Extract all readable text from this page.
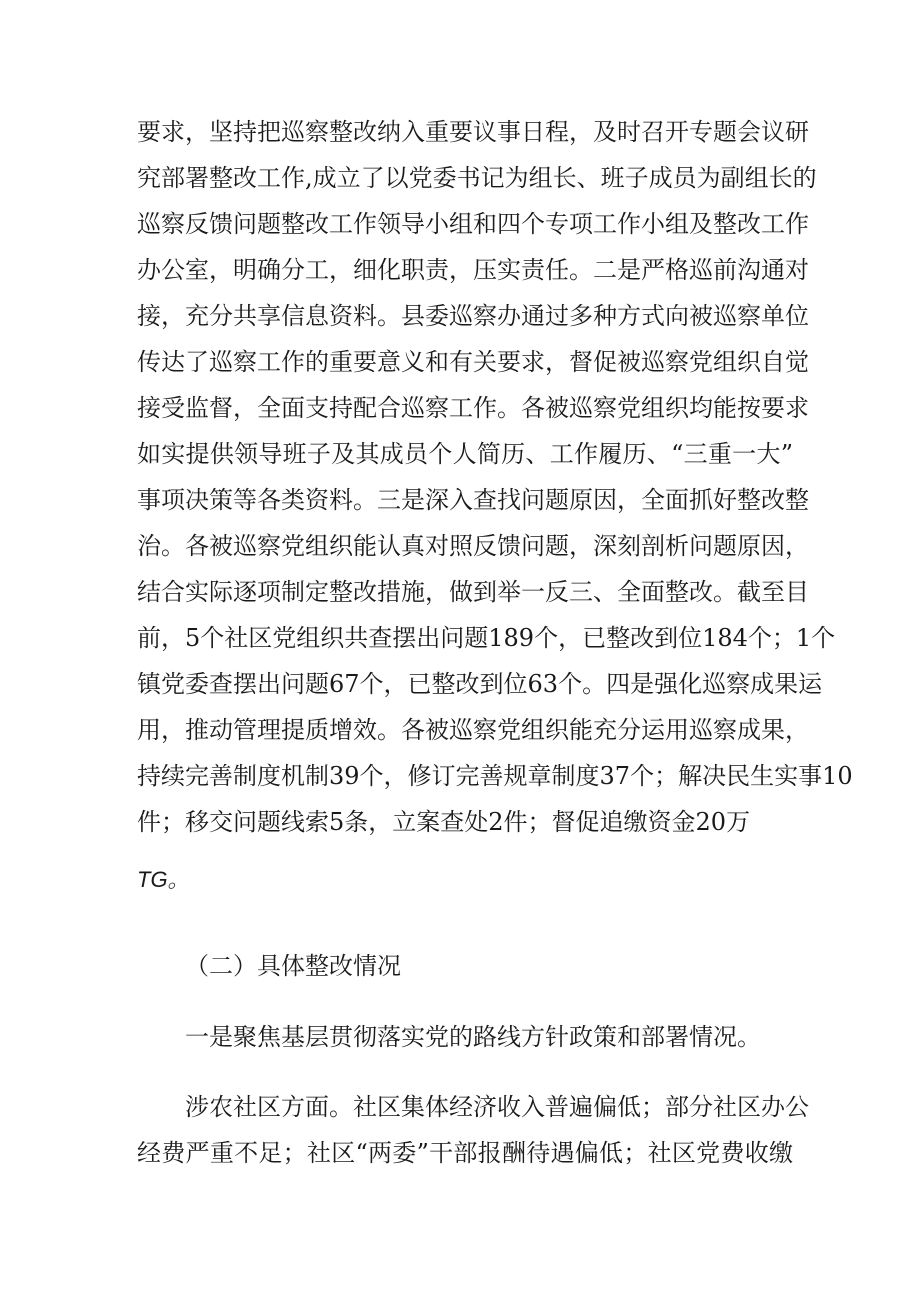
要求，坚持把巡察整改纳入重要议事日程，及时召开专题会议研
究部署整改工作,成立了以党委书记为组长、班子成员为副组长的
巡察反馈问题整改工作领导小组和四个专项工作小组及整改工作
办公室，明确分工，细化职责，压实责任。二是严格巡前沟通对
接，充分共享信息资料。县委巡察办通过多种方式向被巡察单位
传达了巡察工作的重要意义和有关要求，督促被巡察党组织自觉
接受监督，全面支持配合巡察工作。各被巡察党组织均能按要求
如实提供领导班子及其成员个人简历、工作履历、“三重一大”
事项决策等各类资料。三是深入查找问题原因，全面抓好整改整
治。各被巡察党组织能认真对照反馈问题，深刻剖析问题原因，
结合实际逐项制定整改措施，做到举一反三、全面整改。截至目
前，5个社区党组织共查摆出问题189个，已整改到位184个；1个
镇党委查摆出问题67个，已整改到位63个。四是强化巡察成果运
用，推动管理提质增效。各被巡察党组织能充分运用巡察成果，
持续完善制度机制39个，修订完善规章制度37个；解决民生实事10
件；移交问题线索5条，立案查处2件；督促追缴资金20万
TG。
（二）具体整改情况
一是聚焦基层贯彻落实党的路线方针政策和部署情况。
涉农社区方面。社区集体经济收入普遍偏低；部分社区办公
经费严重不足；社区“两委”干部报酬待遇偏低；社区党费收缴
